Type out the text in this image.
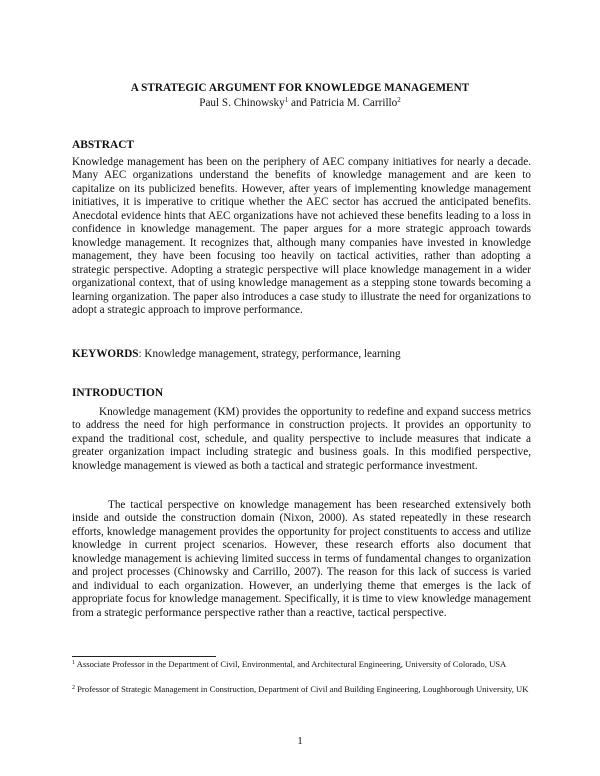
A STRATEGIC ARGUMENT FOR KNOWLEDGE MANAGEMENT
Paul S. Chinowsky$^1$ and Patricia M. Carrillo$^2$
ABSTRACT

Knowledge management has been on the periphery of AEC company initiatives for nearly a decade. Many AEC organizations understand the benefits of knowledge management and are keen to capitalize on its publicized benefits. However, after years of implementing knowledge management initiatives, it is imperative to critique whether the AEC sector has accrued the anticipated benefits. Anecdotal evidence hints that AEC organizations have not achieved these benefits leading to a loss in confidence in knowledge management. The paper argues for a more strategic approach towards knowledge management. It recognizes that, although many companies have invested in knowledge management, they have been focusing too heavily on tactical activities, rather than adopting a strategic perspective. Adopting a strategic perspective will place knowledge management in a wider organizational context, that of using knowledge management as a stepping stone towards becoming a learning organization. The paper also introduces a case study to illustrate the need for organizations to adopt a strategic approach to improve performance.

KEYWORDS: Knowledge management, strategy, performance, learning
INTRODUCTION

Knowledge management (KM) provides the opportunity to redefine and expand success metrics to address the need for high performance in construction projects. It provides an opportunity to expand the traditional cost, schedule, and quality perspective to include measures that indicate a greater organization impact including strategic and business goals. In this modified perspective, knowledge management is viewed as both a tactical and strategic performance investment.

The tactical perspective on knowledge management has been researched extensively both inside and outside the construction domain (Nixon, 2000). As stated repeatedly in these research efforts, knowledge management provides the opportunity for project constituents to access and utilize knowledge in current project scenarios. However, these research efforts also document that knowledge management is achieving limited success in terms of fundamental changes to organization and project processes (Chinowsky and Carrillo, 2007). The reason for this lack of success is varied and individual to each organization. However, an underlying theme that emerges is the lack of appropriate focus for knowledge management. Specifically, it is time to view knowledge management from a strategic performance perspective rather than a reactive, tactical perspective.

$^1$ Associate Professor in the Department of Civil, Environmental, and Architectural Engineering, University of Colorado, USA

$^2$ Professor of Strategic Management in Construction, Department of Civil and Building Engineering, Loughborough University, UK

1
